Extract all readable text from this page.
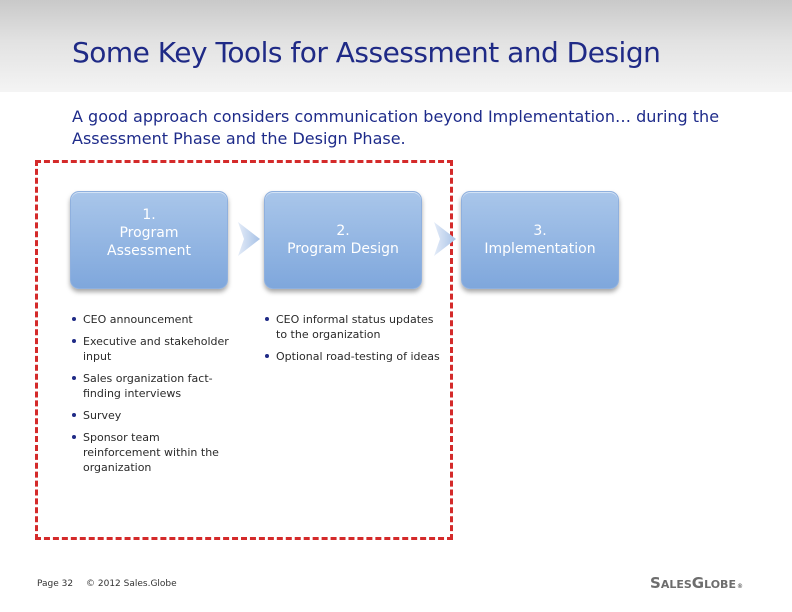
Some Key Tools for Assessment and Design
A good approach considers communication beyond Implementation… during the Assessment Phase and the Design Phase.
1.
Program
Assessment
2.
Program Design
3.
Implementation
CEO announcement
Executive and stakeholder input
Sales organization fact-finding interviews
Survey
Sponsor team reinforcement within the organization
CEO informal status updates to the organization
Optional road-testing of ideas
Page 32 © 2012 Sales.Globe	S ALES G LOBE ®
